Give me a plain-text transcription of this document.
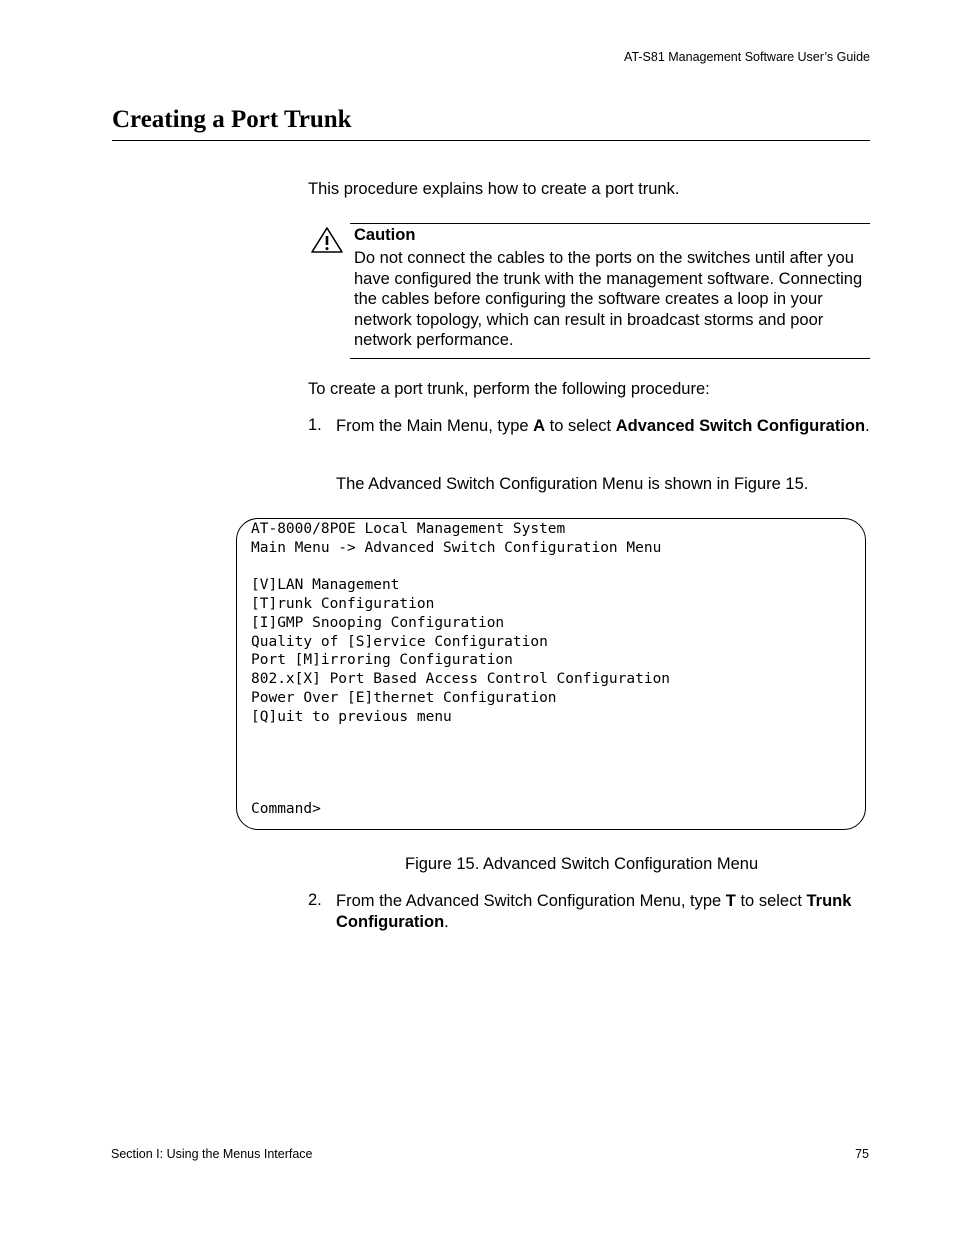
AT-S81 Management Software User’s Guide
Creating a Port Trunk
This procedure explains how to create a port trunk.
Caution
Do not connect the cables to the ports on the switches until after you have configured the trunk with the management software. Connecting the cables before configuring the software creates a loop in your network topology, which can result in broadcast storms and poor network performance.
To create a port trunk, perform the following procedure:
1. From the Main Menu, type A to select Advanced Switch Configuration.
The Advanced Switch Configuration Menu is shown in Figure 15.
AT-8000/8POE Local Management System
Main Menu -> Advanced Switch Configuration Menu

[V]LAN Management
[T]runk Configuration
[I]GMP Snooping Configuration
Quality of [S]ervice Configuration
Port [M]irroring Configuration
802.x[X] Port Based Access Control Configuration
Power Over [E]thernet Configuration
[Q]uit to previous menu
Command>
Figure 15. Advanced Switch Configuration Menu
2. From the Advanced Switch Configuration Menu, type T to select Trunk Configuration.
Section I: Using the Menus Interface	75
